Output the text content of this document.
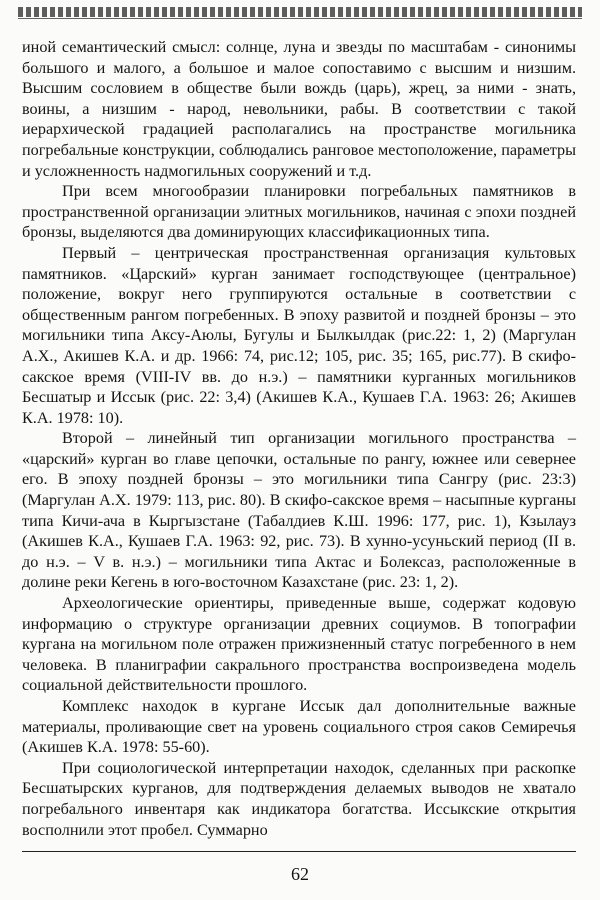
иной семантический смысл: солнце, луна и звезды по масштабам - синонимы большого и малого, а большое и малое сопоставимо с высшим и низшим. Высшим сословием в обществе были вождь (царь), жрец, за ними - знать, воины, а низшим - народ, невольники, рабы. В соответствии с такой иерархической градацией располагались на пространстве могильника погребальные конструкции, соблюдались ранговое местоположение, параметры и усложненность надмогильных сооружений и т.д.

При всем многообразии планировки погребальных памятников в пространственной организации элитных могильников, начиная с эпохи поздней бронзы, выделяются два доминирующих классификационных типа.

Первый – центрическая пространственная организация культовых памятников. «Царский» курган занимает господствующее (центральное) положение, вокруг него группируются остальные в соответствии с общественным рангом погребенных. В эпоху развитой и поздней бронзы – это могильники типа Аксу-Аюлы, Бугулы и Былкылдак (рис.22: 1, 2) (Маргулан А.Х., Акишев К.А. и др. 1966: 74, рис.12; 105, рис. 35; 165, рис.77). В скифо-сакское время (VIII-IV вв. до н.э.) – памятники курганных могильников Бесшатыр и Иссык (рис. 22: 3,4) (Акишев К.А., Кушаев Г.А. 1963: 26; Акишев К.А. 1978: 10).

Второй – линейный тип организации могильного пространства – «царский» курган во главе цепочки, остальные по рангу, южнее или севернее его. В эпоху поздней бронзы – это могильники типа Сангру (рис. 23:3) (Маргулан А.Х. 1979: 113, рис. 80). В скифо-сакское время – насыпные курганы типа Кичи-ача в Кыргызстане (Табалдиев К.Ш. 1996: 177, рис. 1), Кзылауз (Акишев К.А., Кушаев Г.А. 1963: 92, рис. 73). В хунно-усуньский период (II в. до н.э. – V в. н.э.) – могильники типа Актас и Болексаз, расположенные в долине реки Кегень в юго-восточном Казахстане (рис. 23: 1, 2).

Археологические ориентиры, приведенные выше, содержат кодовую информацию о структуре организации древних социумов. В топографии кургана на могильном поле отражен прижизненный статус погребенного в нем человека. В планиграфии сакрального пространства воспроизведена модель социальной действительности прошлого.

Комплекс находок в кургане Иссык дал дополнительные важные материалы, проливающие свет на уровень социального строя саков Семиречья (Акишев К.А. 1978: 55-60).

При социологической интерпретации находок, сделанных при раскопке Бесшатырских курганов, для подтверждения делаемых выводов не хватало погребального инвентаря как индикатора богатства. Иссыкские открытия восполнили этот пробел. Суммарно

62
